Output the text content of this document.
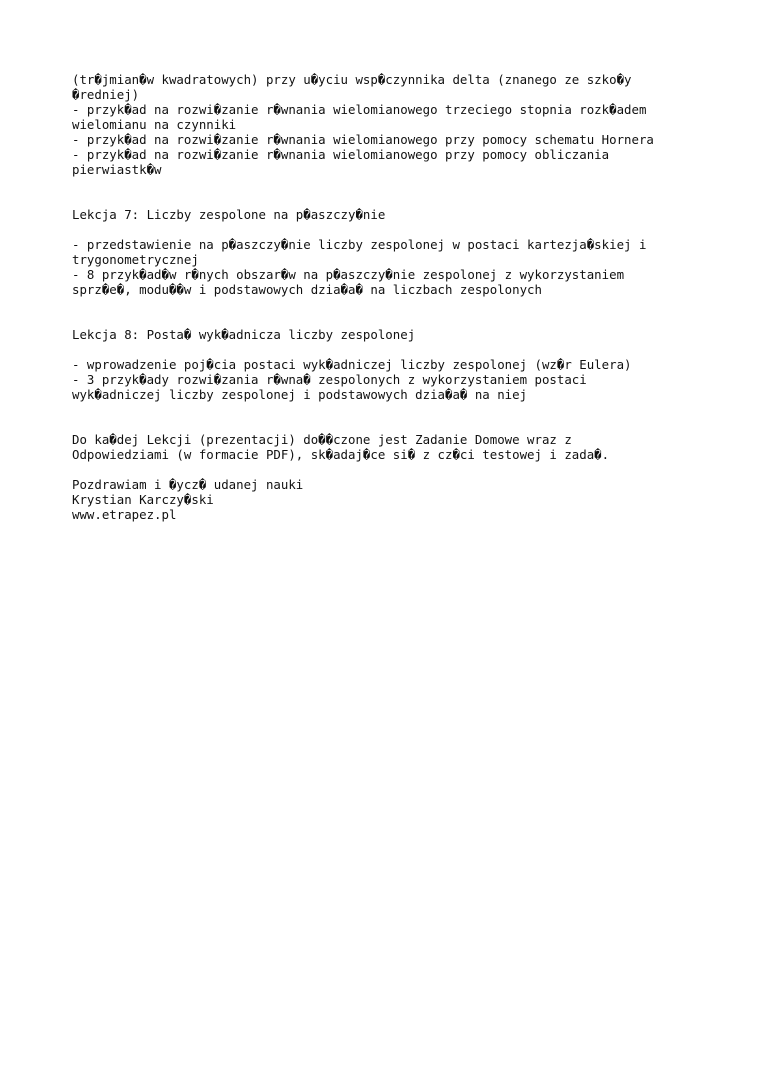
(tr�jmian�w kwadratowych) przy u�yciu wsp�czynnika delta (znanego ze szko�y
�redniej)
- przyk�ad na rozwi�zanie r�wnania wielomianowego trzeciego stopnia rozk�adem
wielomianu na czynniki
- przyk�ad na rozwi�zanie r�wnania wielomianowego przy pomocy schematu Hornera
- przyk�ad na rozwi�zanie r�wnania wielomianowego przy pomocy obliczania
pierwiastk�w
Lekcja 7: Liczby zespolone na p�aszczy�nie
- przedstawienie na p�aszczy�nie liczby zespolonej w postaci kartezja�skiej i
trygonometrycznej
- 8 przyk�ad�w r�nych obszar�w na p�aszczy�nie zespolonej z wykorzystaniem
sprz�e�, modu��w i podstawowych dzia�a� na liczbach zespolonych
Lekcja 8: Posta� wyk�adnicza liczby zespolonej
- wprowadzenie poj�cia postaci wyk�adniczej liczby zespolonej (wz�r Eulera)
- 3 przyk�ady rozwi�zania r�wna� zespolonych z wykorzystaniem postaci
wyk�adniczej liczby zespolonej i podstawowych dzia�a� na niej
Do ka�dej Lekcji (prezentacji) do��czone jest Zadanie Domowe wraz z
Odpowiedziami (w formacie PDF), sk�adaj�ce si� z cz�ci testowej i zada�.
Pozdrawiam i �ycz� udanej nauki
Krystian Karczy�ski
www.etrapez.pl
